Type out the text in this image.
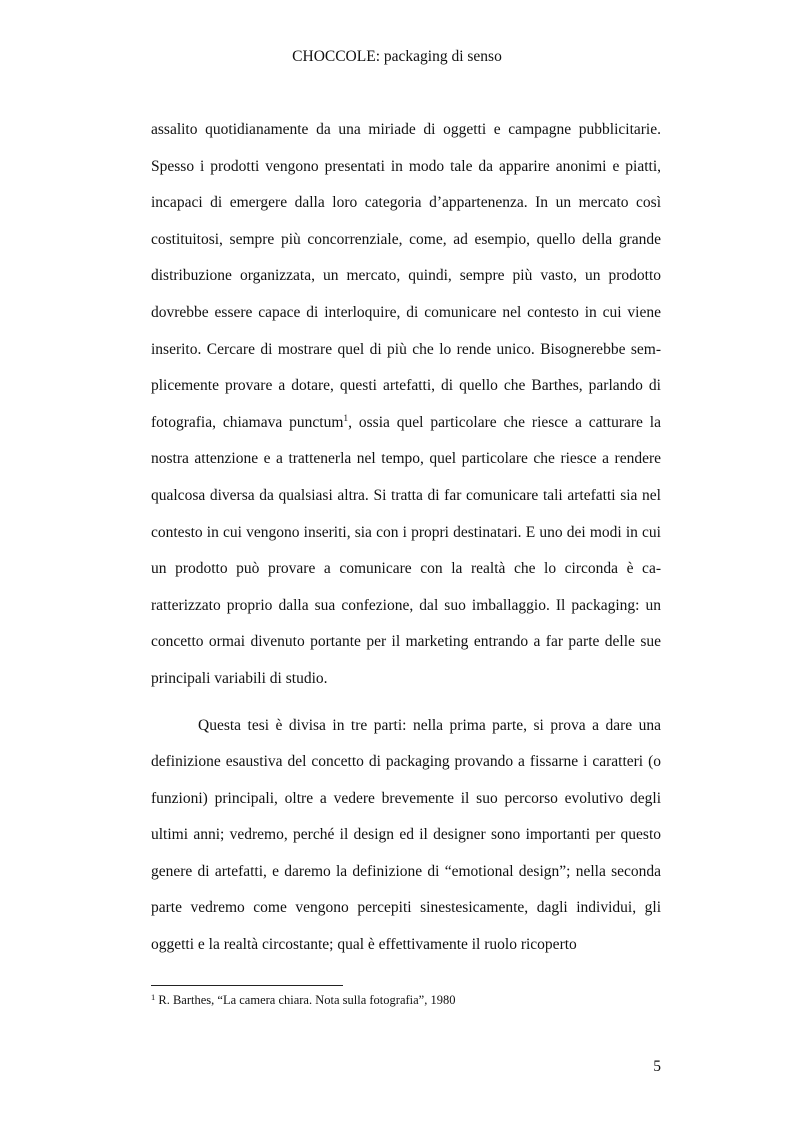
CHOCCOLE: packaging di senso

assalito quotidianamente da una miriade di oggetti e campagne pubblicitarie. Spesso i prodotti vengono presentati in modo tale da apparire anonimi e piatti, incapaci di emergere dalla loro categoria d’appartenenza. In un mercato così costituitosi, sempre più concorrenziale, come, ad esempio, quello della grande distribuzione organizzata, un mercato, quindi, sempre più vasto, un prodotto dovrebbe essere capace di interloquire, di comunicare nel contesto in cui viene inserito. Cercare di mostrare quel di più che lo rende unico. Bisognerebbe semplicemente provare a dotare, questi artefatti, di quello che Barthes, parlando di fotografia, chiamava punctum$^1$, ossia quel particolare che riesce a catturare la nostra attenzione e a trattenerla nel tempo, quel particolare che riesce a rendere qualcosa diversa da qualsiasi altra. Si tratta di far comunicare tali artefatti sia nel contesto in cui vengono inseriti, sia con i propri destinatari. E uno dei modi in cui un prodotto può provare a comunicare con la realtà che lo circonda è caratterizzato proprio dalla sua confezione, dal suo imballaggio. Il packaging: un concetto ormai divenuto portante per il marketing entrando a far parte delle sue principali variabili di studio.

Questa tesi è divisa in tre parti: nella prima parte, si prova a dare una definizione esaustiva del concetto di packaging provando a fissarne i caratteri (o funzioni) principali, oltre a vedere brevemente il suo percorso evolutivo degli ultimi anni; vedremo, perché il design ed il designer sono importanti per questo genere di artefatti, e daremo la definizione di “emotional design”; nella seconda parte vedremo come vengono percepiti sinestesicamente, dagli individui, gli oggetti e la realtà circostante; qual è effettivamente il ruolo ricoperto

$^1$ R. Barthes, “La camera chiara. Nota sulla fotografia”, 1980
5
